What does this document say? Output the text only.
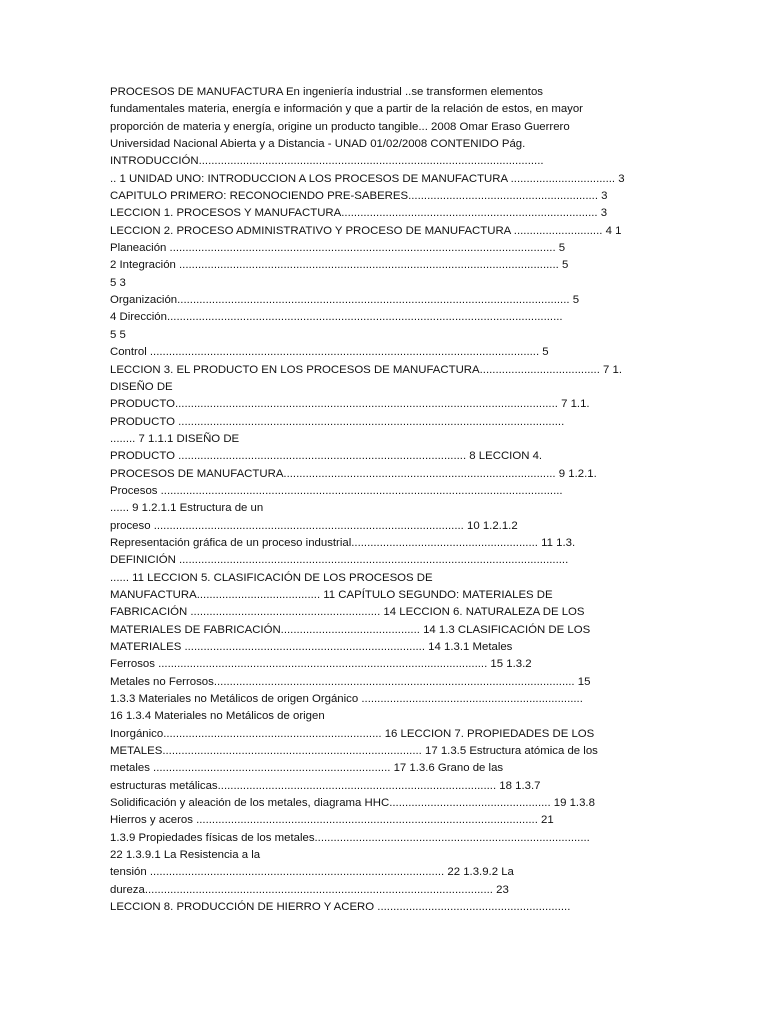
PROCESOS DE MANUFACTURA En ingeniería industrial ..se transformen elementos
fundamentales materia, energía e información y que a partir de la relación de estos, en mayor
proporción de materia y energía, origine un producto tangible... 2008 Omar Eraso Guerrero
Universidad Nacional Abierta y a Distancia - UNAD 01/02/2008 CONTENIDO Pág.
INTRODUCCIÓN.............................................................................................................
.. 1 UNIDAD UNO: INTRODUCCION A LOS PROCESOS DE MANUFACTURA ................................. 3
CAPITULO PRIMERO: RECONOCIENDO PRE-SABERES............................................................ 3
LECCION 1. PROCESOS Y MANUFACTURA................................................................................. 3
LECCION 2. PROCESO ADMINISTRATIVO Y PROCESO DE MANUFACTURA ............................ 4 1
Planeación .......................................................................................................................... 5
2 Integración ........................................................................................................................ 5
5 3
Organización............................................................................................................................ 5
4 Dirección.............................................................................................................................
5 5
Control ........................................................................................................................... 5
LECCION 3. EL PRODUCTO EN LOS PROCESOS DE MANUFACTURA...................................... 7 1.
DISEÑO DE
PRODUCTO......................................................................................................................... 7 1.1.
PRODUCTO ..........................................................................................................................
........ 7 1.1.1 DISEÑO DE
PRODUCTO ........................................................................................... 8 LECCION 4.
PROCESOS DE MANUFACTURA...................................................................................... 9 1.2.1.
Procesos ...............................................................................................................................
...... 9 1.2.1.1 Estructura de un
proceso .................................................................................................. 10 1.2.1.2
Representación gráfica de un proceso industrial........................................................... 11 1.3.
DEFINICIÓN ...........................................................................................................................
...... 11 LECCION 5. CLASIFICACIÓN DE LOS PROCESOS DE
MANUFACTURA....................................... 11 CAPÍTULO SEGUNDO: MATERIALES DE
FABRICACIÓN ............................................................ 14 LECCION 6. NATURALEZA DE LOS
MATERIALES DE FABRICACIÓN............................................ 14 1.3 CLASIFICACIÓN DE LOS
MATERIALES ............................................................................ 14 1.3.1 Metales
Ferrosos ........................................................................................................ 15 1.3.2
Metales no Ferrosos.................................................................................................................. 15
1.3.3 Materiales no Metálicos de origen Orgánico ......................................................................
16 1.3.4 Materiales no Metálicos de origen
Inorgánico..................................................................... 16 LECCION 7. PROPIEDADES DE LOS
METALES.................................................................................. 17 1.3.5 Estructura atómica de los
metales ........................................................................... 17 1.3.6 Grano de las
estructuras metálicas........................................................................................ 18 1.3.7
Solidificación y aleación de los metales, diagrama HHC................................................... 19 1.3.8
Hierros y aceros ............................................................................................................ 21
1.3.9 Propiedades físicas de los metales.......................................................................................
22 1.3.9.1 La Resistencia a la
tensión ............................................................................................. 22 1.3.9.2 La
dureza.............................................................................................................. 23
LECCION 8. PRODUCCIÓN DE HIERRO Y ACERO .............................................................
